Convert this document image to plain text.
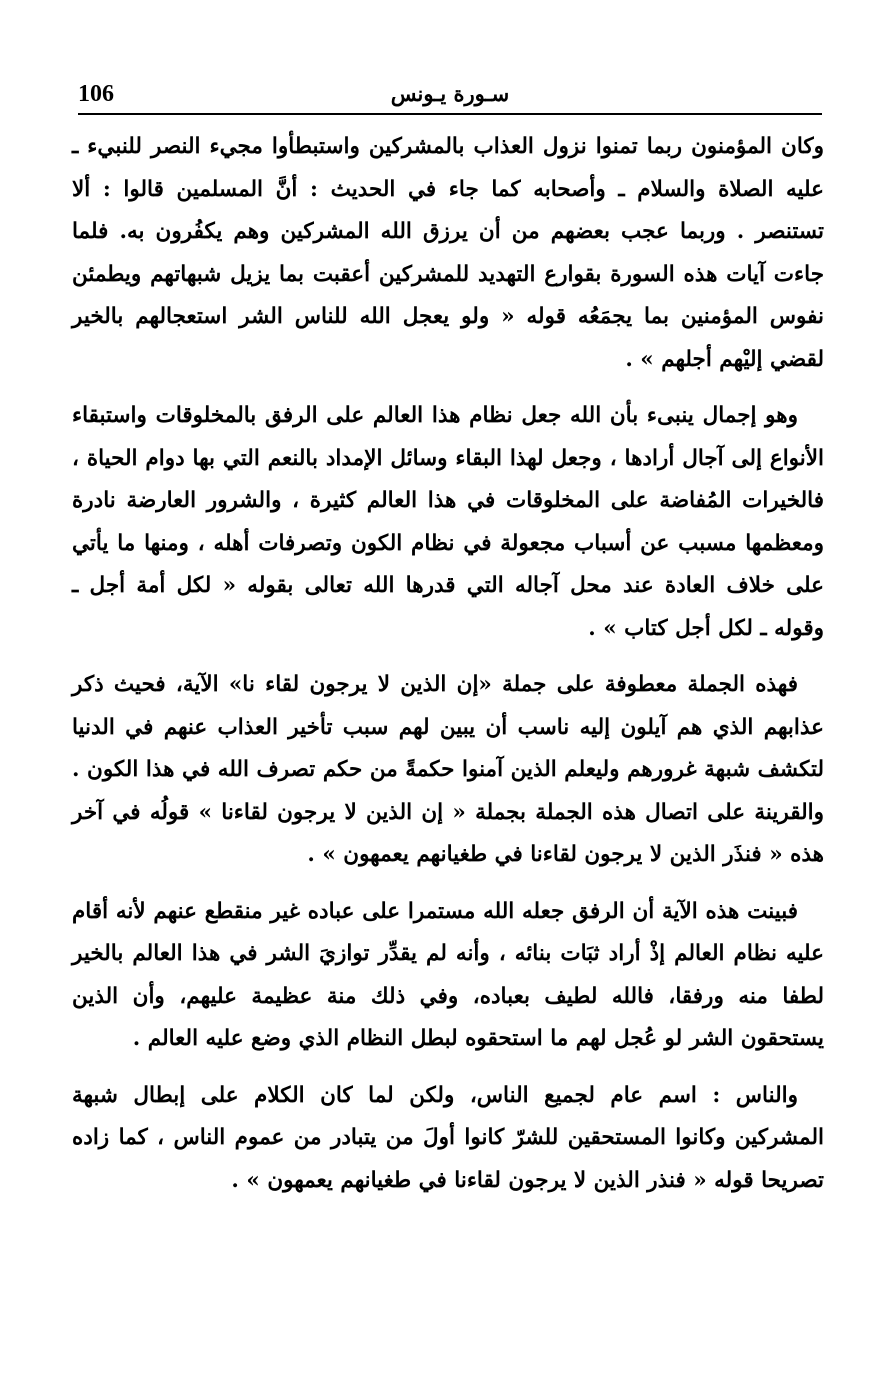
106	سـورة يـونس

وكان المؤمنون ربما تمنوا نزول العذاب بالمشركين واستبطأوا مجيء النصر للنبيء ـ عليه الصلاة والسلام ـ وأصحابه كما جاء في الحديث : أنَّ المسلمين قالوا : ألا تستنصر . وربما عجب بعضهم من أن يرزق الله المشركين وهم يكفُرون به. فلما جاءت آيات هذه السورة بقوارع التهديد للمشركين أعقبت بما يزيل شبهاتهم ويطمئن نفوس المؤمنين بما يجمَعُه قوله « ولو يعجل الله للناس الشر استعجالهم بالخير لقضي إليْهم أجلهم » .

وهو إجمال ينبىء بأن الله جعل نظام هذا العالم على الرفق بالمخلوقات واستبقاء الأنواع إلى آجال أرادها ، وجعل لهذا البقاء وسائل الإمداد بالنعم التي بها دوام الحياة ، فالخيرات المُفاضة على المخلوقات في هذا العالم كثيرة ، والشرور العارضة نادرة ومعظمها مسبب عن أسباب مجعولة في نظام الكون وتصرفات أهله ، ومنها ما يأتي على خلاف العادة عند محل آجاله التي قدرها الله تعالى بقوله « لكل أمة أجل ـ وقوله ـ لكل أجل كتاب » .

فهذه الجملة معطوفة على جملة «إن الذين لا يرجون لقاء نا» الآية، فحيث ذكر عذابهم الذي هم آيلون إليه ناسب أن يبين لهم سبب تأخير العذاب عنهم في الدنيا لتكشف شبهة غرورهم وليعلم الذين آمنوا حكمةً من حكم تصرف الله في هذا الكون . والقرينة على اتصال هذه الجملة بجملة « إن الذين لا يرجون لقاءنا » قولُه في آخر هذه « فنذَر الذين لا يرجون لقاءنا في طغيانهم يعمهون » .

فبينت هذه الآية أن الرفق جعله الله مستمرا على عباده غير منقطع عنهم لأنه أقام عليه نظام العالم إذْ أراد ثبَات بنائه ، وأنه لم يقدِّر توازيَ الشر في هذا العالم بالخير لطفا منه ورفقا، فالله لطيف بعباده، وفي ذلك منة عظيمة عليهم، وأن الذين يستحقون الشر لو عُجل لهم ما استحقوه لبطل النظام الذي وضع عليه العالم .

والناس : اسم عام لجميع الناس، ولكن لما كان الكلام على إبطال شبهة المشركين وكانوا المستحقين للشرّ كانوا أولَ من يتبادر من عموم الناس ، كما زاده تصريحا قوله « فنذر الذين لا يرجون لقاءنا في طغيانهم يعمهون » .
